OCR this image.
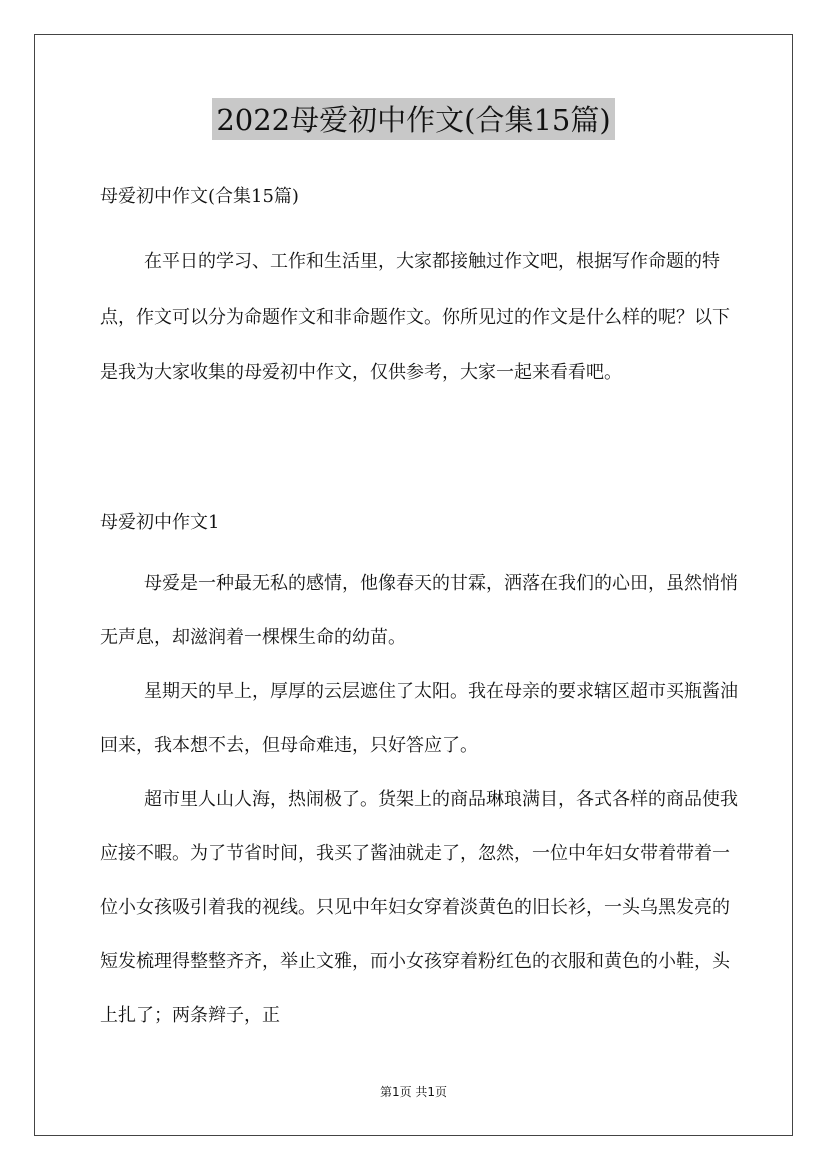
2022母爱初中作文(合集15篇)
母爱初中作文(合集15篇)

在平日的学习、工作和生活里，大家都接触过作文吧，根据写作命题的特点，作文可以分为命题作文和非命题作文。你所见过的作文是什么样的呢？以下是我为大家收集的母爱初中作文，仅供参考，大家一起来看看吧。

母爱初中作文1

母爱是一种最无私的感情，他像春天的甘霖，洒落在我们的心田，虽然悄悄无声息，却滋润着一棵棵生命的幼苗。

星期天的早上，厚厚的云层遮住了太阳。我在母亲的要求辖区超市买瓶酱油回来，我本想不去，但母命难违，只好答应了。

超市里人山人海，热闹极了。货架上的商品琳琅满目，各式各样的商品使我应接不暇。为了节省时间，我买了酱油就走了，忽然，一位中年妇女带着带着一位小女孩吸引着我的视线。只见中年妇女穿着淡黄色的旧长衫，一头乌黑发亮的短发梳理得整整齐齐，举止文雅，而小女孩穿着粉红色的衣服和黄色的小鞋，头上扎了；两条辫子，正

第1页 共1页
